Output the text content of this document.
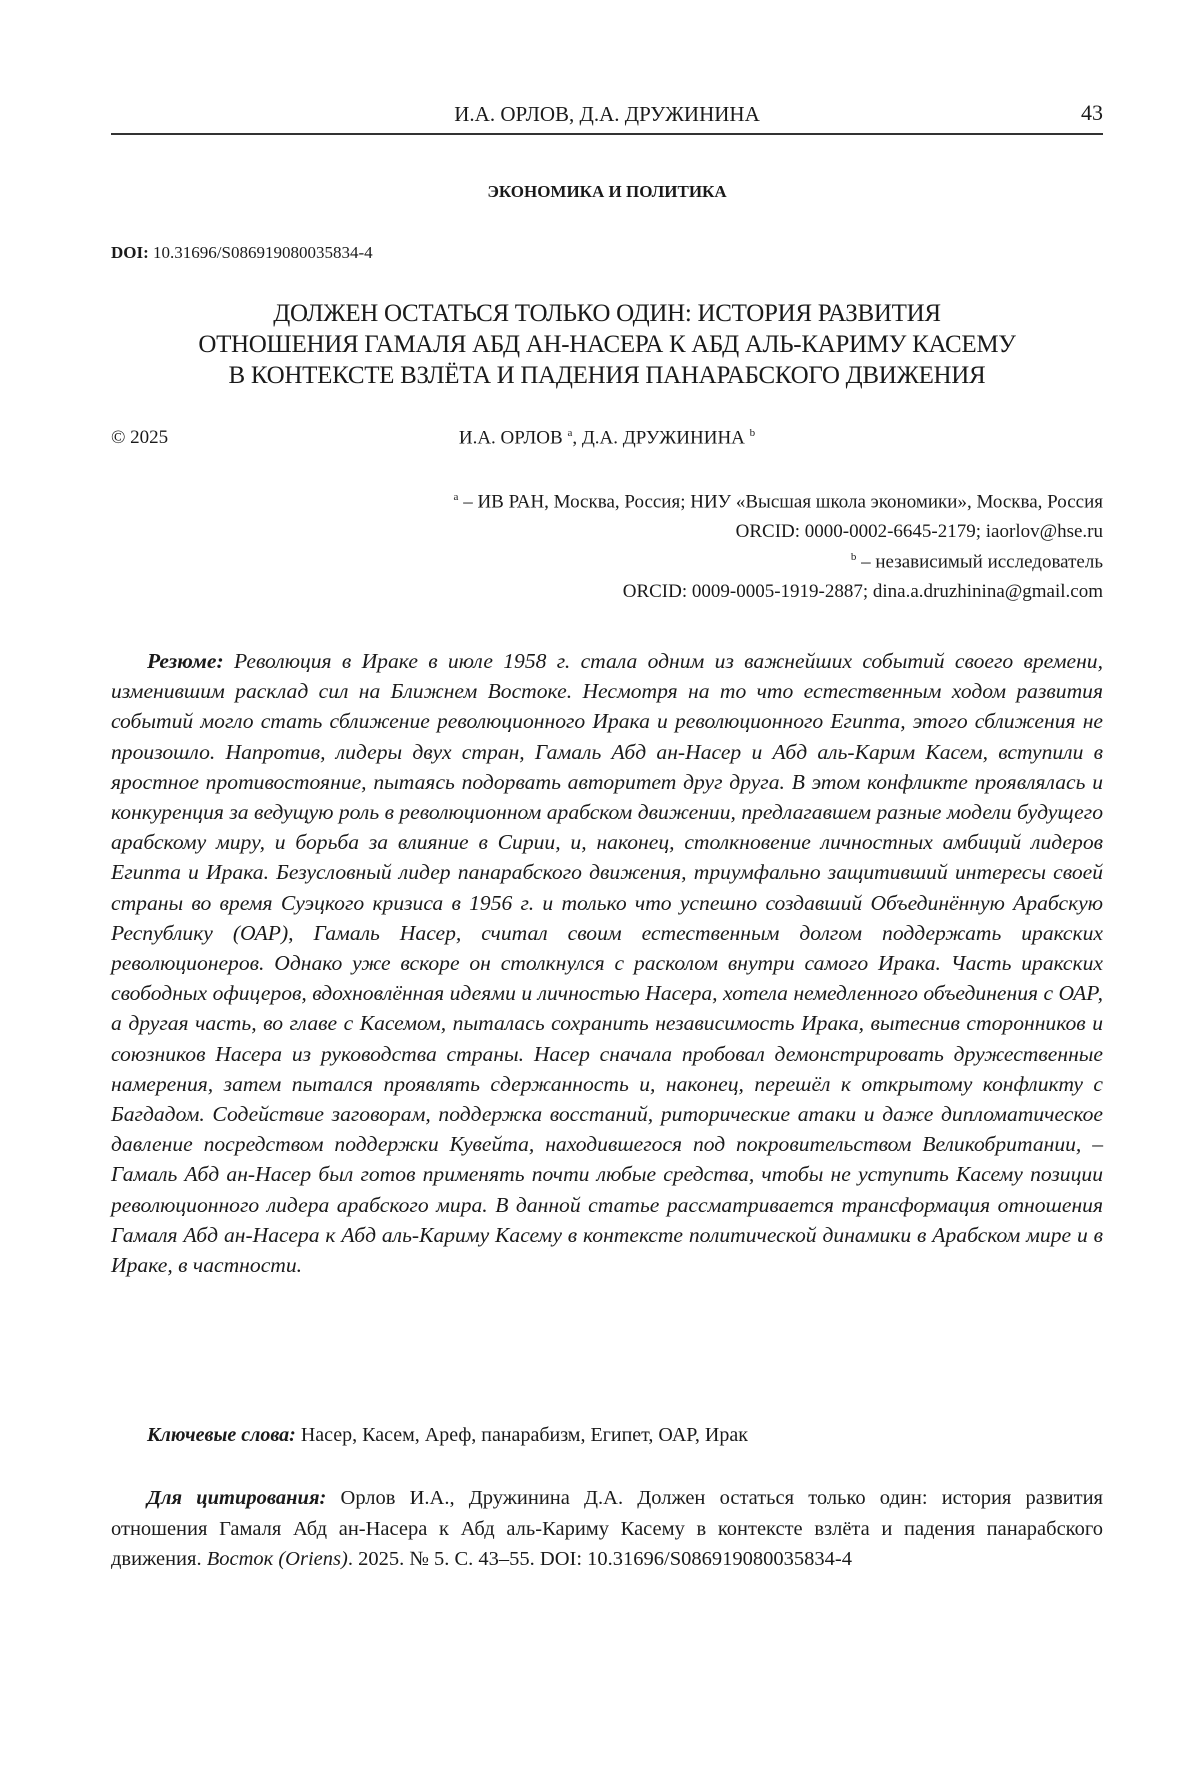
И.А. ОРЛОВ, Д.А. ДРУЖИНИНА	43
ЭКОНОМИКА И ПОЛИТИКА
DOI: 10.31696/S086919080035834-4
ДОЛЖЕН ОСТАТЬСЯ ТОЛЬКО ОДИН: ИСТОРИЯ РАЗВИТИЯ
ОТНОШЕНИЯ ГАМАЛЯ АБД АН-НАСЕРА К АБД АЛЬ-КАРИМУ КАСЕМУ
В КОНТЕКСТЕ ВЗЛЁТА И ПАДЕНИЯ ПАНАРАБСКОГО ДВИЖЕНИЯ
© 2025	И.А. ОРЛОВ a, Д.А. ДРУЖИНИНА b
a – ИВ РАН, Москва, Россия; НИУ «Высшая школа экономики», Москва, Россия
ORCID: 0000-0002-6645-2179; iaorlov@hse.ru
b – независимый исследователь
ORCID: 0009-0005-1919-2887; dina.a.druzhinina@gmail.com
Резюме: Революция в Ираке в июле 1958 г. стала одним из важнейших событий своего времени, изменившим расклад сил на Ближнем Востоке. Несмотря на то что естественным ходом развития событий могло стать сближение революционного Ирака и революционного Египта, этого сближения не произошло. Напротив, лидеры двух стран, Гамаль Абд ан-Насер и Абд аль-Карим Касем, вступили в яростное противостояние, пытаясь подорвать авторитет друг друга. В этом конфликте проявлялась и конкуренция за ведущую роль в революционном арабском движении, предлагавшем разные модели будущего арабскому миру, и борьба за влияние в Сирии, и, наконец, столкновение личностных амбиций лидеров Египта и Ирака. Безусловный лидер панарабского движения, триумфально защитивший интересы своей страны во время Суэцкого кризиса в 1956 г. и только что успешно создавший Объединённую Арабскую Республику (ОАР), Гамаль Насер, считал своим естественным долгом поддержать иракских революционеров. Однако уже вскоре он столкнулся с расколом внутри самого Ирака. Часть иракских свободных офицеров, вдохновлённая идеями и личностью Насера, хотела немедленного объединения с ОАР, а другая часть, во главе с Касемом, пыталась сохранить независимость Ирака, вытеснив сторонников и союзников Насера из руководства страны. Насер сначала пробовал демонстрировать дружественные намерения, затем пытался проявлять сдержанность и, наконец, перешёл к открытому конфликту с Багдадом. Содействие заговорам, поддержка восстаний, риторические атаки и даже дипломатическое давление посредством поддержки Кувейта, находившегося под покровительством Великобритании, – Гамаль Абд ан-Насер был готов применять почти любые средства, чтобы не уступить Касему позиции революционного лидера арабского мира. В данной статье рассматривается трансформация отношения Гамаля Абд ан-Насера к Абд аль-Кариму Касему в контексте политической динамики в Арабском мире и в Ираке, в частности.
Ключевые слова: Насер, Касем, Ареф, панарабизм, Египет, ОАР, Ирак
Для цитирования: Орлов И.А., Дружинина Д.А. Должен остаться только один: история развития отношения Гамаля Абд ан-Насера к Абд аль-Кариму Касему в контексте взлёта и падения панарабского движения. Восток (Oriens). 2025. № 5. С. 43–55. DOI: 10.31696/S086919080035834-4
